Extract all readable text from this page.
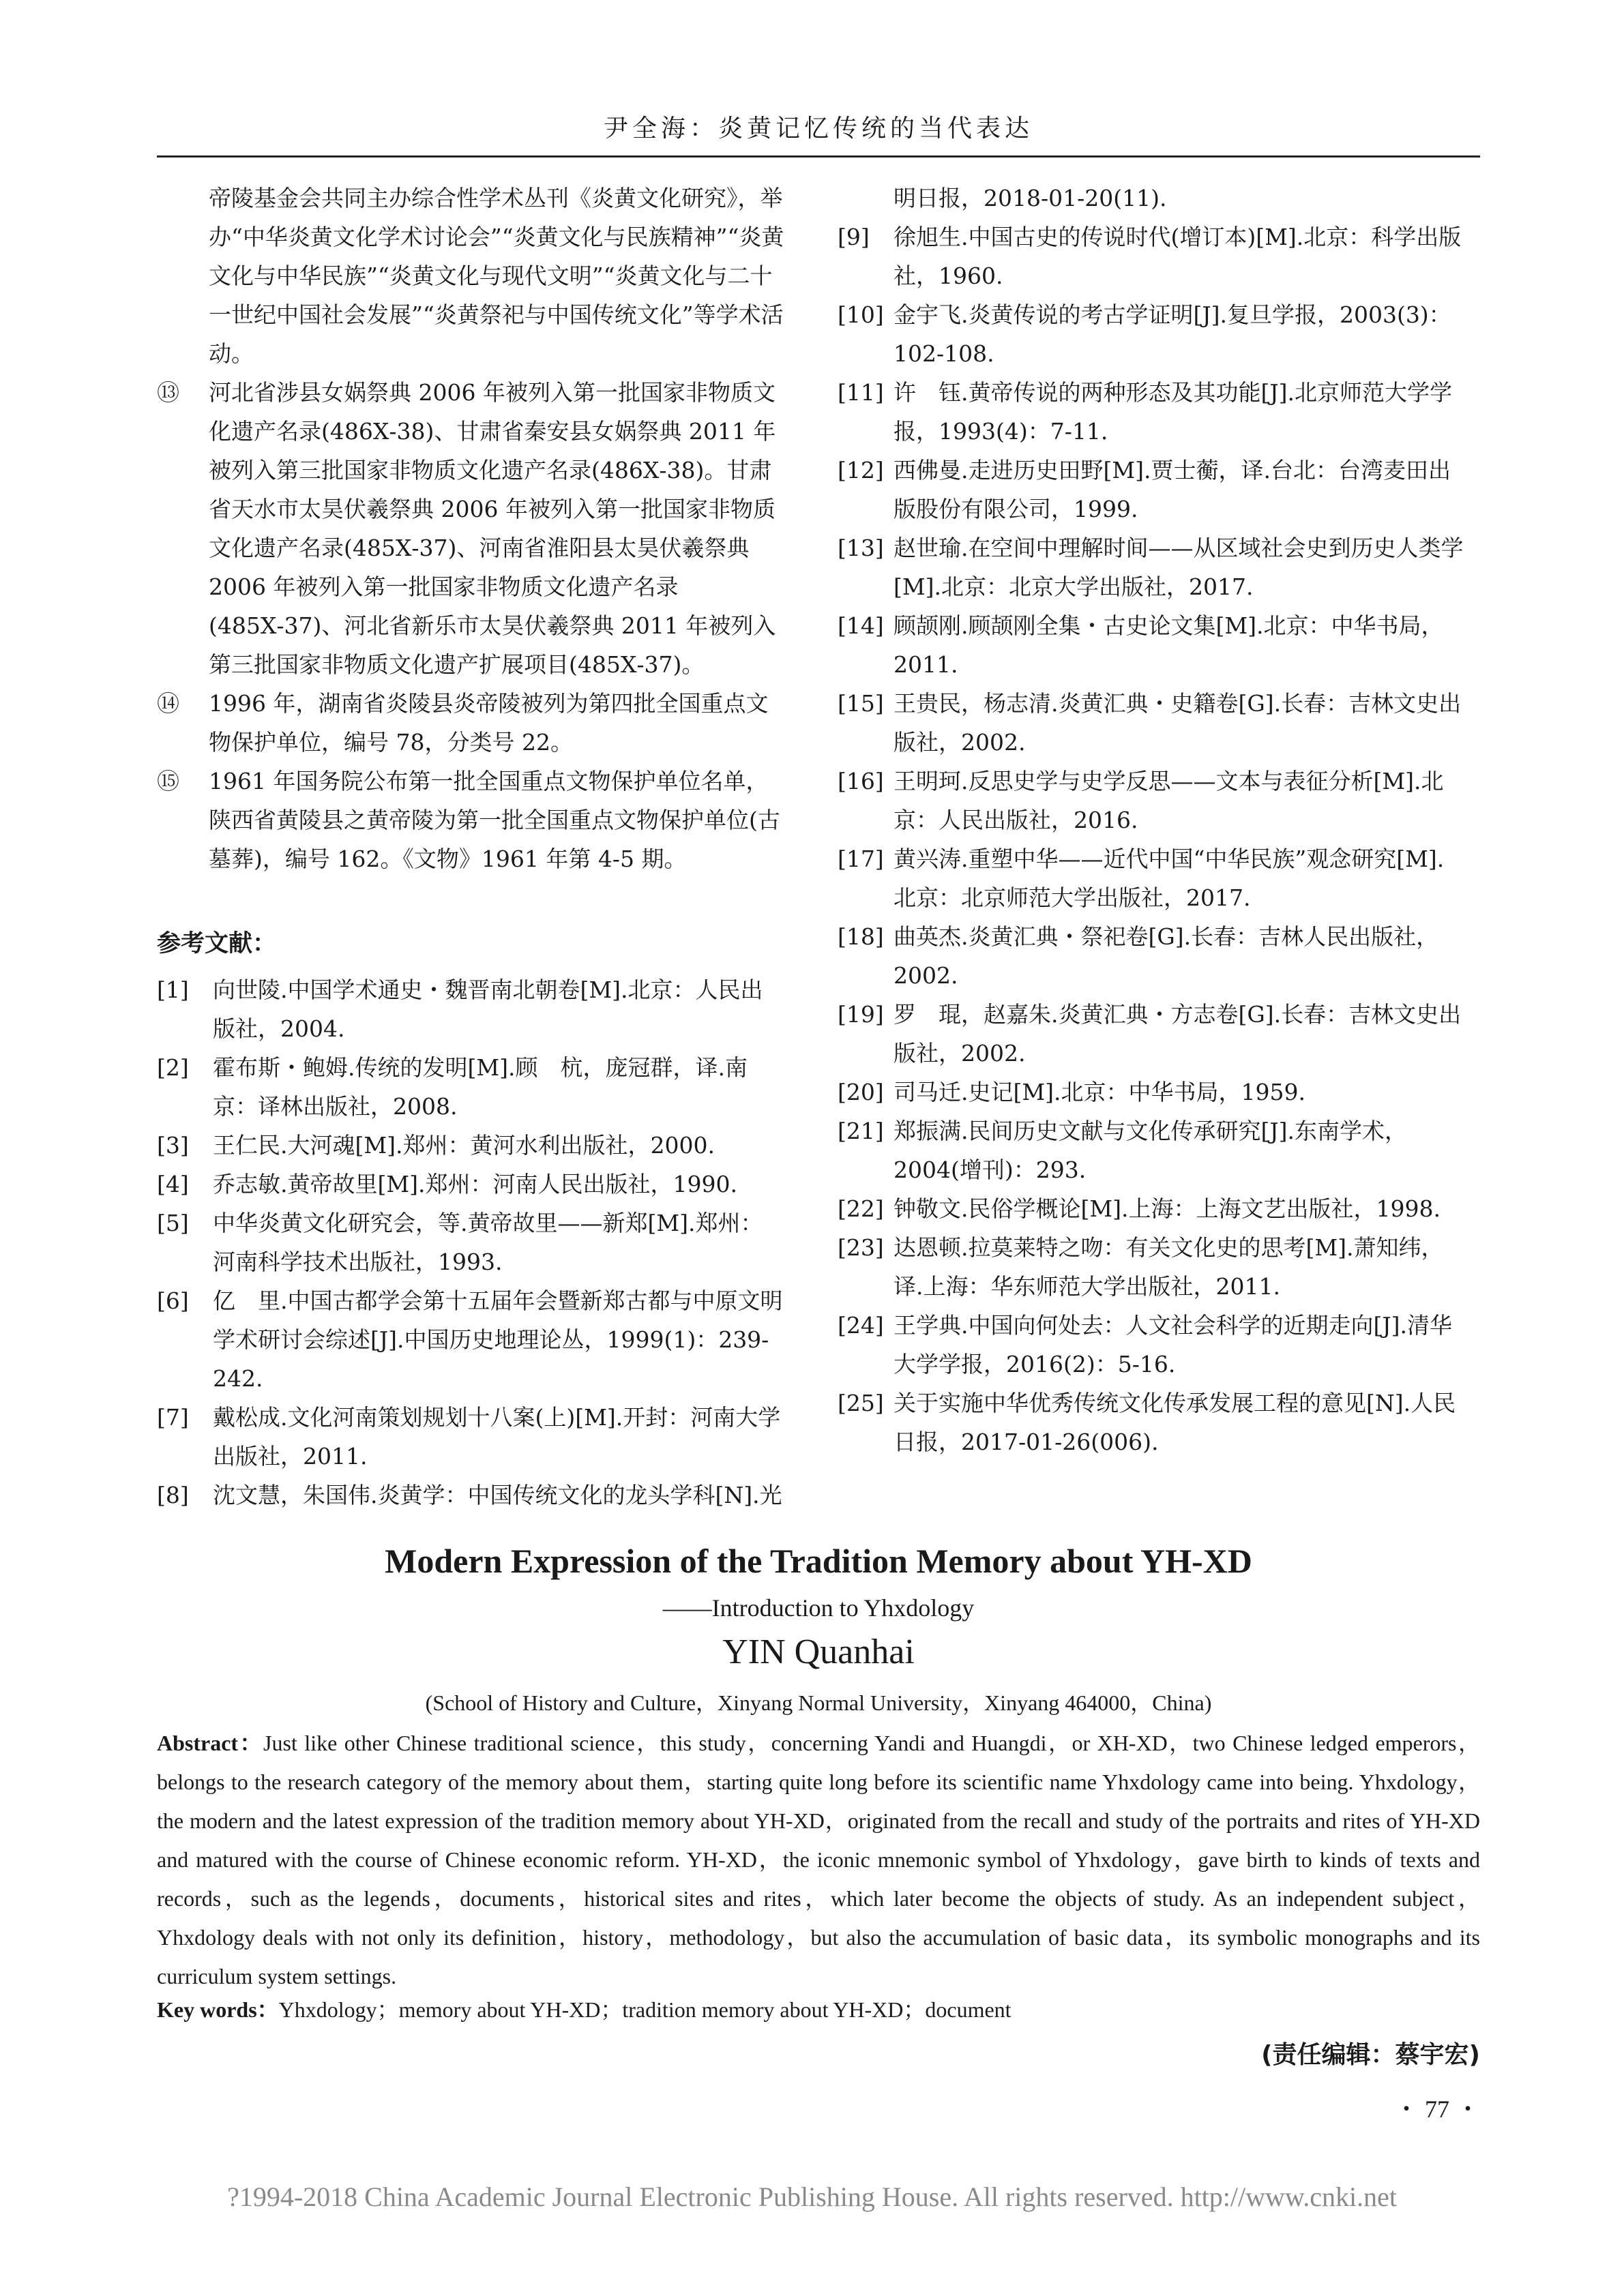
尹全海：炎黄记忆传统的当代表达

帝陵基金会共同主办综合性学术丛刊《炎黄文化研究》，举办“中华炎黄文化学术讨论会”“炎黄文化与民族精神”“炎黄文化与中华民族”“炎黄文化与现代文明”“炎黄文化与二十一世纪中国社会发展”“炎黄祭祀与中国传统文化”等学术活动。

⑬	河北省涉县女娲祭典 2006 年被列入第一批国家非物质文化遗产名录(486Ⅹ-38)、甘肃省秦安县女娲祭典 2011 年被列入第三批国家非物质文化遗产名录(486Ⅹ-38)。甘肃省天水市太昊伏羲祭典 2006 年被列入第一批国家非物质文化遗产名录(485Ⅹ-37)、河南省淮阳县太昊伏羲祭典 2006 年被列入第一批国家非物质文化遗产名录(485Ⅹ-37)、河北省新乐市太昊伏羲祭典 2011 年被列入第三批国家非物质文化遗产扩展项目(485Ⅹ-37)。
⑭	1996 年，湖南省炎陵县炎帝陵被列为第四批全国重点文物保护单位，编号 78，分类号 22。
⑮	1961 年国务院公布第一批全国重点文物保护单位名单，陕西省黄陵县之黄帝陵为第一批全国重点文物保护单位(古墓葬)，编号 162。《文物》1961 年第 4-5 期。
参考文献：
[1]	向世陵.中国学术通史・魏晋南北朝卷[M].北京：人民出版社，2004.
[2]	霍布斯・鲍姆.传统的发明[M].顾　杭，庞冠群，译.南京：译林出版社，2008.
[3]	王仁民.大河魂[M].郑州：黄河水利出版社，2000.
[4]	乔志敏.黄帝故里[M].郑州：河南人民出版社，1990.
[5]	中华炎黄文化研究会，等.黄帝故里——新郑[M].郑州：河南科学技术出版社，1993.
[6]	亿　里.中国古都学会第十五届年会暨新郑古都与中原文明学术研讨会综述[J].中国历史地理论丛，1999(1)：239-242.
[7]	戴松成.文化河南策划规划十八案(上)[M].开封：河南大学出版社，2011.
[8]	沈文慧，朱国伟.炎黄学：中国传统文化的龙头学科[N].光

明日报，2018-01-20(11).

[9]	徐旭生.中国古史的传说时代(增订本)[M].北京：科学出版社，1960.
[10] 金宇飞.炎黄传说的考古学证明[J].复旦学报，2003(3)：102-108.
[11] 许　钰.黄帝传说的两种形态及其功能[J].北京师范大学学报，1993(4)：7-11.
[12] 西佛曼.走进历史田野[M].贾士蘅，译.台北：台湾麦田出版股份有限公司，1999.
[13] 赵世瑜.在空间中理解时间——从区域社会史到历史人类学[M].北京：北京大学出版社，2017.
[14] 顾颉刚.顾颉刚全集・古史论文集[M].北京：中华书局，2011.
[15] 王贵民，杨志清.炎黄汇典・史籍卷[G].长春：吉林文史出版社，2002.
[16] 王明珂.反思史学与史学反思——文本与表征分析[M].北京：人民出版社，2016.
[17] 黄兴涛.重塑中华——近代中国“中华民族”观念研究[M].北京：北京师范大学出版社，2017.
[18] 曲英杰.炎黄汇典・祭祀卷[G].长春：吉林人民出版社，2002.
[19] 罗　琨，赵嘉朱.炎黄汇典・方志卷[G].长春：吉林文史出版社，2002.
[20] 司马迁.史记[M].北京：中华书局，1959.
[21] 郑振满.民间历史文献与文化传承研究[J].东南学术，2004(增刊)：293.
[22] 钟敬文.民俗学概论[M].上海：上海文艺出版社，1998.
[23] 达恩顿.拉莫莱特之吻：有关文化史的思考[M].萧知纬，译.上海：华东师范大学出版社，2011.
[24] 王学典.中国向何处去：人文社会科学的近期走向[J].清华大学学报，2016(2)：5-16.
[25] 关于实施中华优秀传统文化传承发展工程的意见[N].人民日报，2017-01-26(006).
Modern Expression of the Tradition Memory about YH-XD
——Introduction to Yhxdology
YIN Quanhai
(School of History and Culture，Xinyang Normal University，Xinyang 464000，China)

Abstract：Just like other Chinese traditional science，this study，concerning Yandi and Huangdi，or XH-XD，two Chinese ledged emperors，belongs to the research category of the memory about them，starting quite long before its scientific name Yhxdology came into being. Yhxdology，the modern and the latest expression of the tradition memory about YH-XD，originated from the recall and study of the portraits and rites of YH-XD and matured with the course of Chinese economic reform. YH-XD，the iconic mnemonic symbol of Yhxdology，gave birth to kinds of texts and records，such as the legends，documents，historical sites and rites，which later become the objects of study. As an independent subject，Yhxdology deals with not only its definition，history，methodology，but also the accumulation of basic data，its symbolic monographs and its curriculum system settings.

Key words：Yhxdology；memory about YH-XD；tradition memory about YH-XD；document

(责任编辑：蔡宇宏)
・ 77 ・
?1994-2018 China Academic Journal Electronic Publishing House. All rights reserved. http://www.cnki.net
